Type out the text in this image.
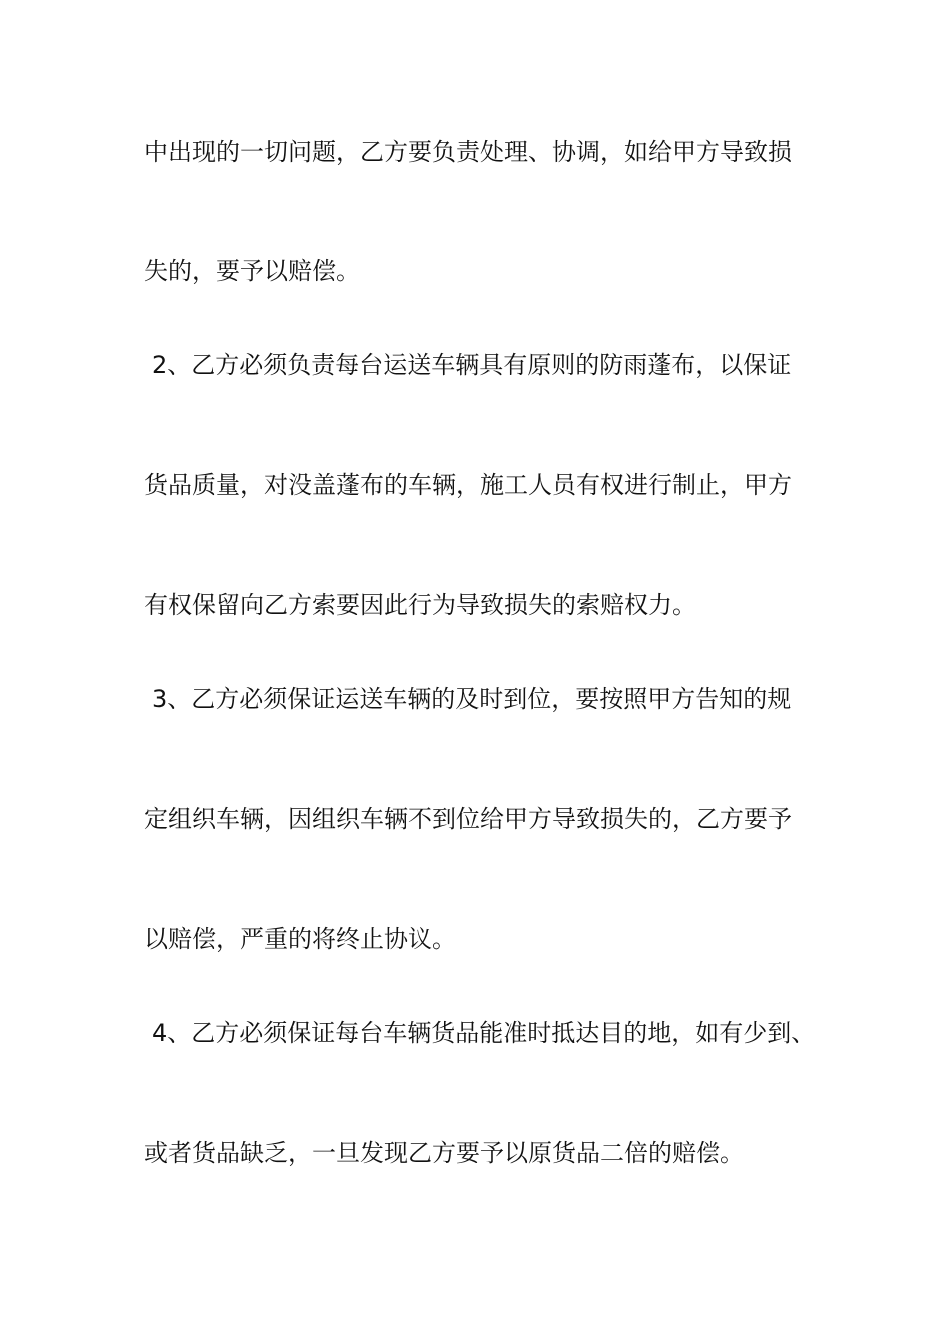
中出现的一切问题，乙方要负责处理、协调，如给甲方导致损
失的，要予以赔偿。
2、乙方必须负责每台运送车辆具有原则的防雨蓬布，以保证
货品质量，对没盖蓬布的车辆，施工人员有权进行制止，甲方
有权保留向乙方索要因此行为导致损失的索赔权力。
3、乙方必须保证运送车辆的及时到位，要按照甲方告知的规
定组织车辆，因组织车辆不到位给甲方导致损失的，乙方要予
以赔偿，严重的将终止协议。
4、乙方必须保证每台车辆货品能准时抵达目的地，如有少到、
或者货品缺乏，一旦发现乙方要予以原货品二倍的赔偿。
